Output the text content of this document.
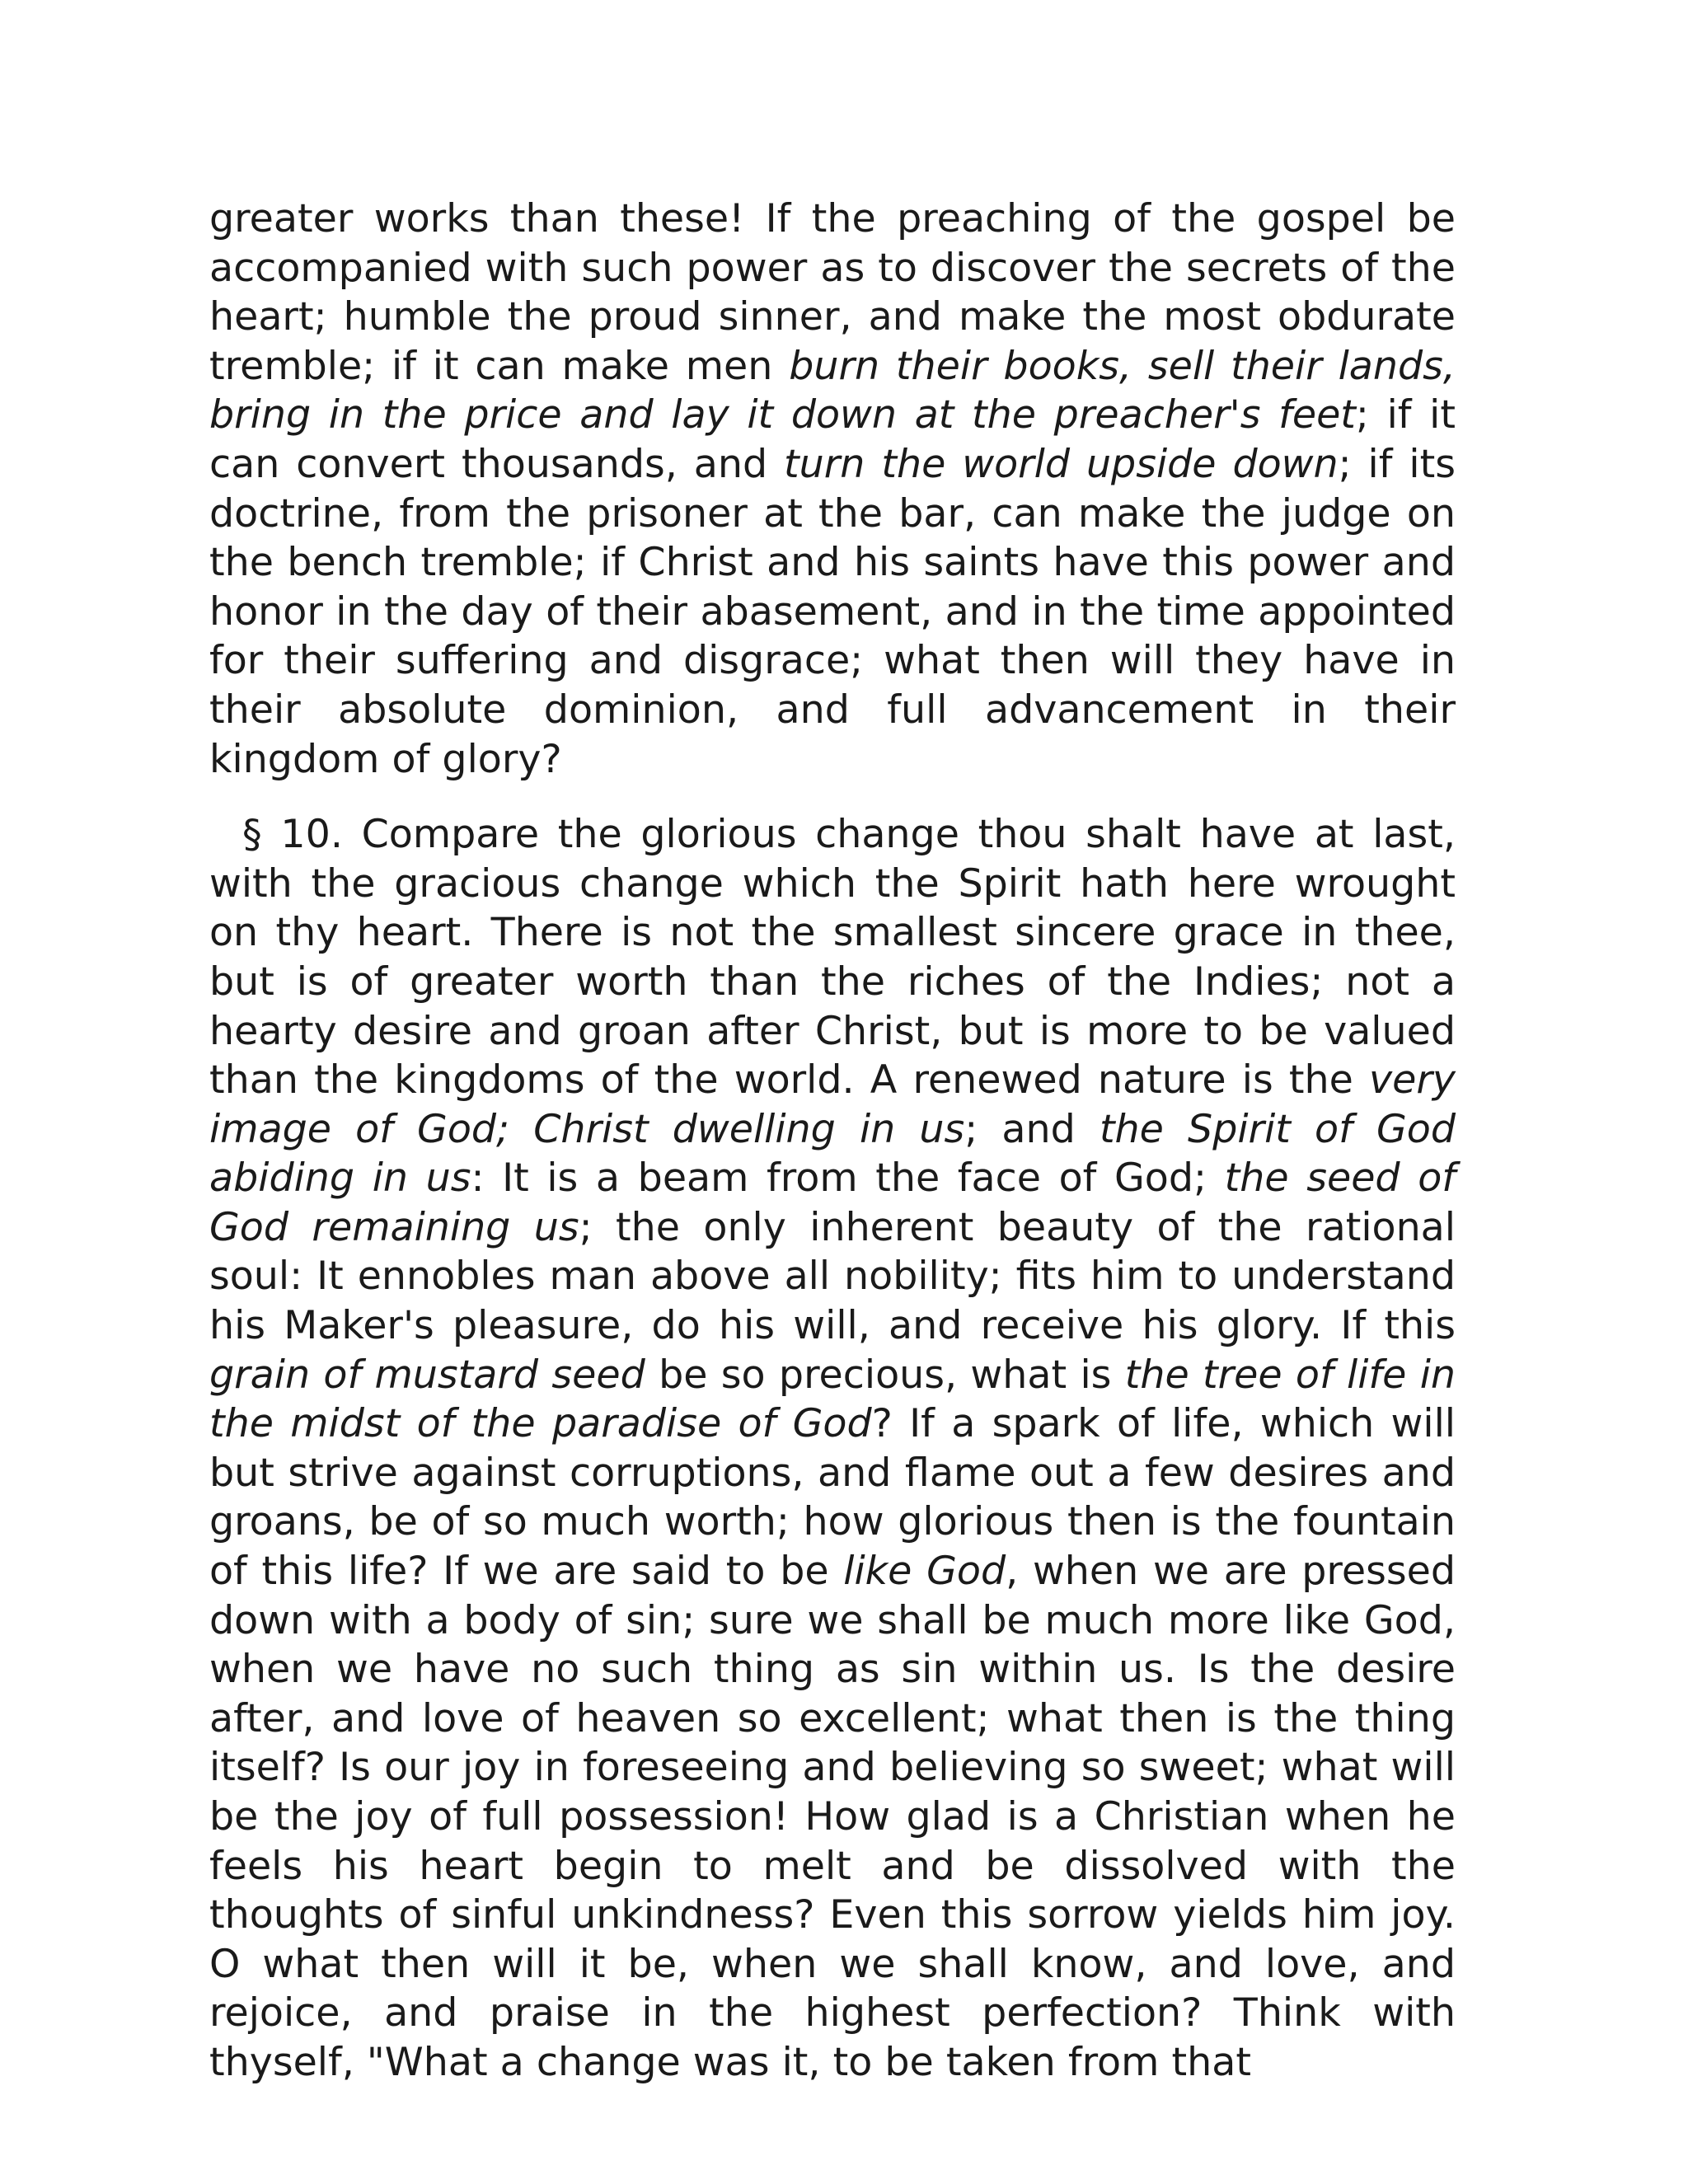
greater works than these! If the preaching of the gospel be accompanied with such power as to discover the secrets of the heart; humble the proud sinner, and make the most obdurate tremble; if it can make men burn their books, sell their lands, bring in the price and lay it down at the preacher's feet; if it can convert thousands, and turn the world upside down; if its doctrine, from the prisoner at the bar, can make the judge on the bench tremble; if Christ and his saints have this power and honor in the day of their abasement, and in the time appointed for their suffering and disgrace; what then will they have in their absolute dominion, and full advancement in their kingdom of glory?

§ 10. Compare the glorious change thou shalt have at last, with the gracious change which the Spirit hath here wrought on thy heart. There is not the smallest sincere grace in thee, but is of greater worth than the riches of the Indies; not a hearty desire and groan after Christ, but is more to be valued than the kingdoms of the world. A renewed nature is the very image of God; Christ dwelling in us; and the Spirit of God abiding in us: It is a beam from the face of God; the seed of God remaining us; the only inherent beauty of the rational soul: It ennobles man above all nobility; fits him to understand his Maker's pleasure, do his will, and receive his glory. If this grain of mustard seed be so precious, what is the tree of life in the midst of the paradise of God? If a spark of life, which will but strive against corruptions, and flame out a few desires and groans, be of so much worth; how glorious then is the fountain of this life? If we are said to be like God, when we are pressed down with a body of sin; sure we shall be much more like God, when we have no such thing as sin within us. Is the desire after, and love of heaven so excellent; what then is the thing itself? Is our joy in foreseeing and believing so sweet; what will be the joy of full possession! How glad is a Christian when he feels his heart begin to melt and be dissolved with the thoughts of sinful unkindness? Even this sorrow yields him joy. O what then will it be, when we shall know, and love, and rejoice, and praise in the highest perfection? Think with thyself, "What a change was it, to be taken from that
